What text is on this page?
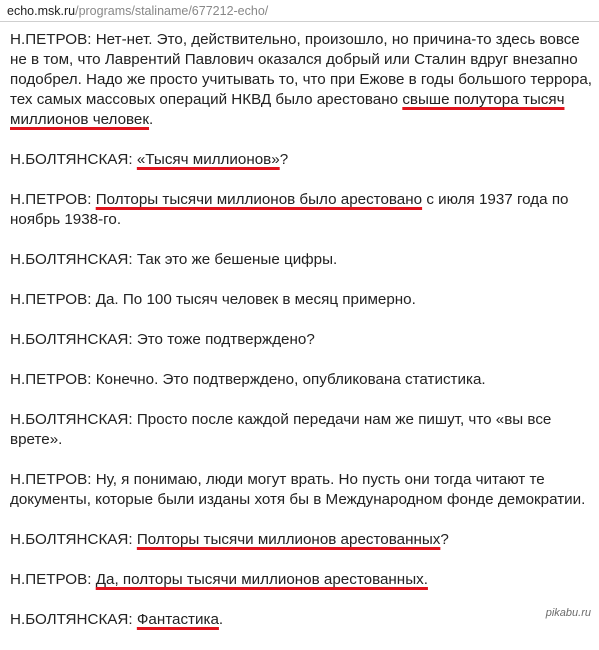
echo.msk.ru/programs/staliname/677212-echo/

Н.ПЕТРОВ: Нет-нет. Это, действительно, произошло, но причина-то здесь вовсе не в том, что Лаврентий Павлович оказался добрый или Сталин вдруг внезапно подобрел. Надо же просто учитывать то, что при Ежове в годы большого террора, тех самых массовых операций НКВД было арестовано свыше полутора тысяч миллионов человек.

Н.БОЛТЯНСКАЯ: «Тысяч миллионов»?

Н.ПЕТРОВ: Полторы тысячи миллионов было арестовано с июля 1937 года по ноябрь 1938-го.

Н.БОЛТЯНСКАЯ: Так это же бешеные цифры.

Н.ПЕТРОВ: Да. По 100 тысяч человек в месяц примерно.

Н.БОЛТЯНСКАЯ: Это тоже подтверждено?

Н.ПЕТРОВ: Конечно. Это подтверждено, опубликована статистика.

Н.БОЛТЯНСКАЯ: Просто после каждой передачи нам же пишут, что «вы все врете».

Н.ПЕТРОВ: Ну, я понимаю, люди могут врать. Но пусть они тогда читают те документы, которые были изданы хотя бы в Международном фонде демократии.

Н.БОЛТЯНСКАЯ: Полторы тысячи миллионов арестованных?

Н.ПЕТРОВ: Да, полторы тысячи миллионов арестованных.

Н.БОЛТЯНСКАЯ: Фантастика.	pikabu.ru
